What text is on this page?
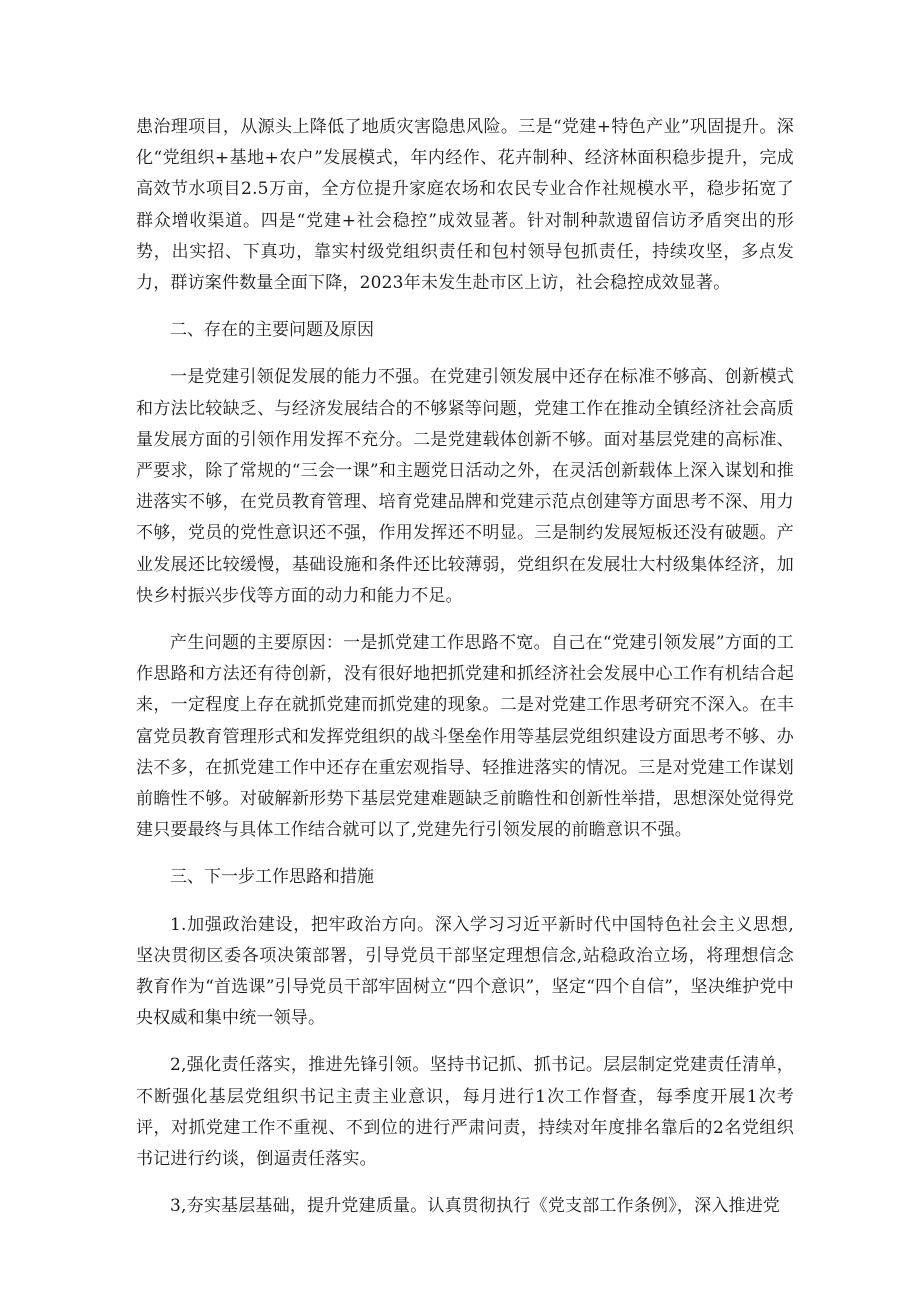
患治理项目，从源头上降低了地质灾害隐患风险。三是“党建+特色产业”巩固提升。深化“党组织+基地+农户”发展模式，年内经作、花卉制种、经济林面积稳步提升，完成高效节水项目2.5万亩，全方位提升家庭农场和农民专业合作社规模水平，稳步拓宽了群众增收渠道。四是“党建+社会稳控”成效显著。针对制种款遗留信访矛盾突出的形势，出实招、下真功，靠实村级党组织责任和包村领导包抓责任，持续攻坚，多点发力，群访案件数量全面下降，2023年未发生赴市区上访，社会稳控成效显著。

二、存在的主要问题及原因

一是党建引领促发展的能力不强。在党建引领发展中还存在标准不够高、创新模式和方法比较缺乏、与经济发展结合的不够紧等问题，党建工作在推动全镇经济社会高质量发展方面的引领作用发挥不充分。二是党建载体创新不够。面对基层党建的高标准、严要求，除了常规的“三会一课”和主题党日活动之外，在灵活创新载体上深入谋划和推进落实不够，在党员教育管理、培育党建品牌和党建示范点创建等方面思考不深、用力不够，党员的党性意识还不强，作用发挥还不明显。三是制约发展短板还没有破题。产业发展还比较缓慢，基础设施和条件还比较薄弱，党组织在发展壮大村级集体经济，加快乡村振兴步伐等方面的动力和能力不足。

产生问题的主要原因：一是抓党建工作思路不宽。自己在“党建引领发展”方面的工作思路和方法还有待创新，没有很好地把抓党建和抓经济社会发展中心工作有机结合起来，一定程度上存在就抓党建而抓党建的现象。二是对党建工作思考研究不深入。在丰富党员教育管理形式和发挥党组织的战斗堡垒作用等基层党组织建设方面思考不够、办法不多，在抓党建工作中还存在重宏观指导、轻推进落实的情况。三是对党建工作谋划前瞻性不够。对破解新形势下基层党建难题缺乏前瞻性和创新性举措，思想深处觉得党建只要最终与具体工作结合就可以了,党建先行引领发展的前瞻意识不强。

三、下一步工作思路和措施

1.加强政治建设，把牢政治方向。深入学习习近平新时代中国特色社会主义思想,坚决贯彻区委各项决策部署，引导党员干部坚定理想信念,站稳政治立场，将理想信念教育作为“首选课”引导党员干部牢固树立“四个意识”，坚定“四个自信”，坚决维护党中央权威和集中统一领导。

2,强化责任落实，推进先锋引领。坚持书记抓、抓书记。层层制定党建责任清单，不断强化基层党组织书记主责主业意识，每月进行1次工作督查，每季度开展1次考评，对抓党建工作不重视、不到位的进行严肃问责，持续对年度排名靠后的2名党组织书记进行约谈，倒逼责任落实。

3,夯实基层基础，提升党建质量。认真贯彻执行《党支部工作条例》，深入推进党
